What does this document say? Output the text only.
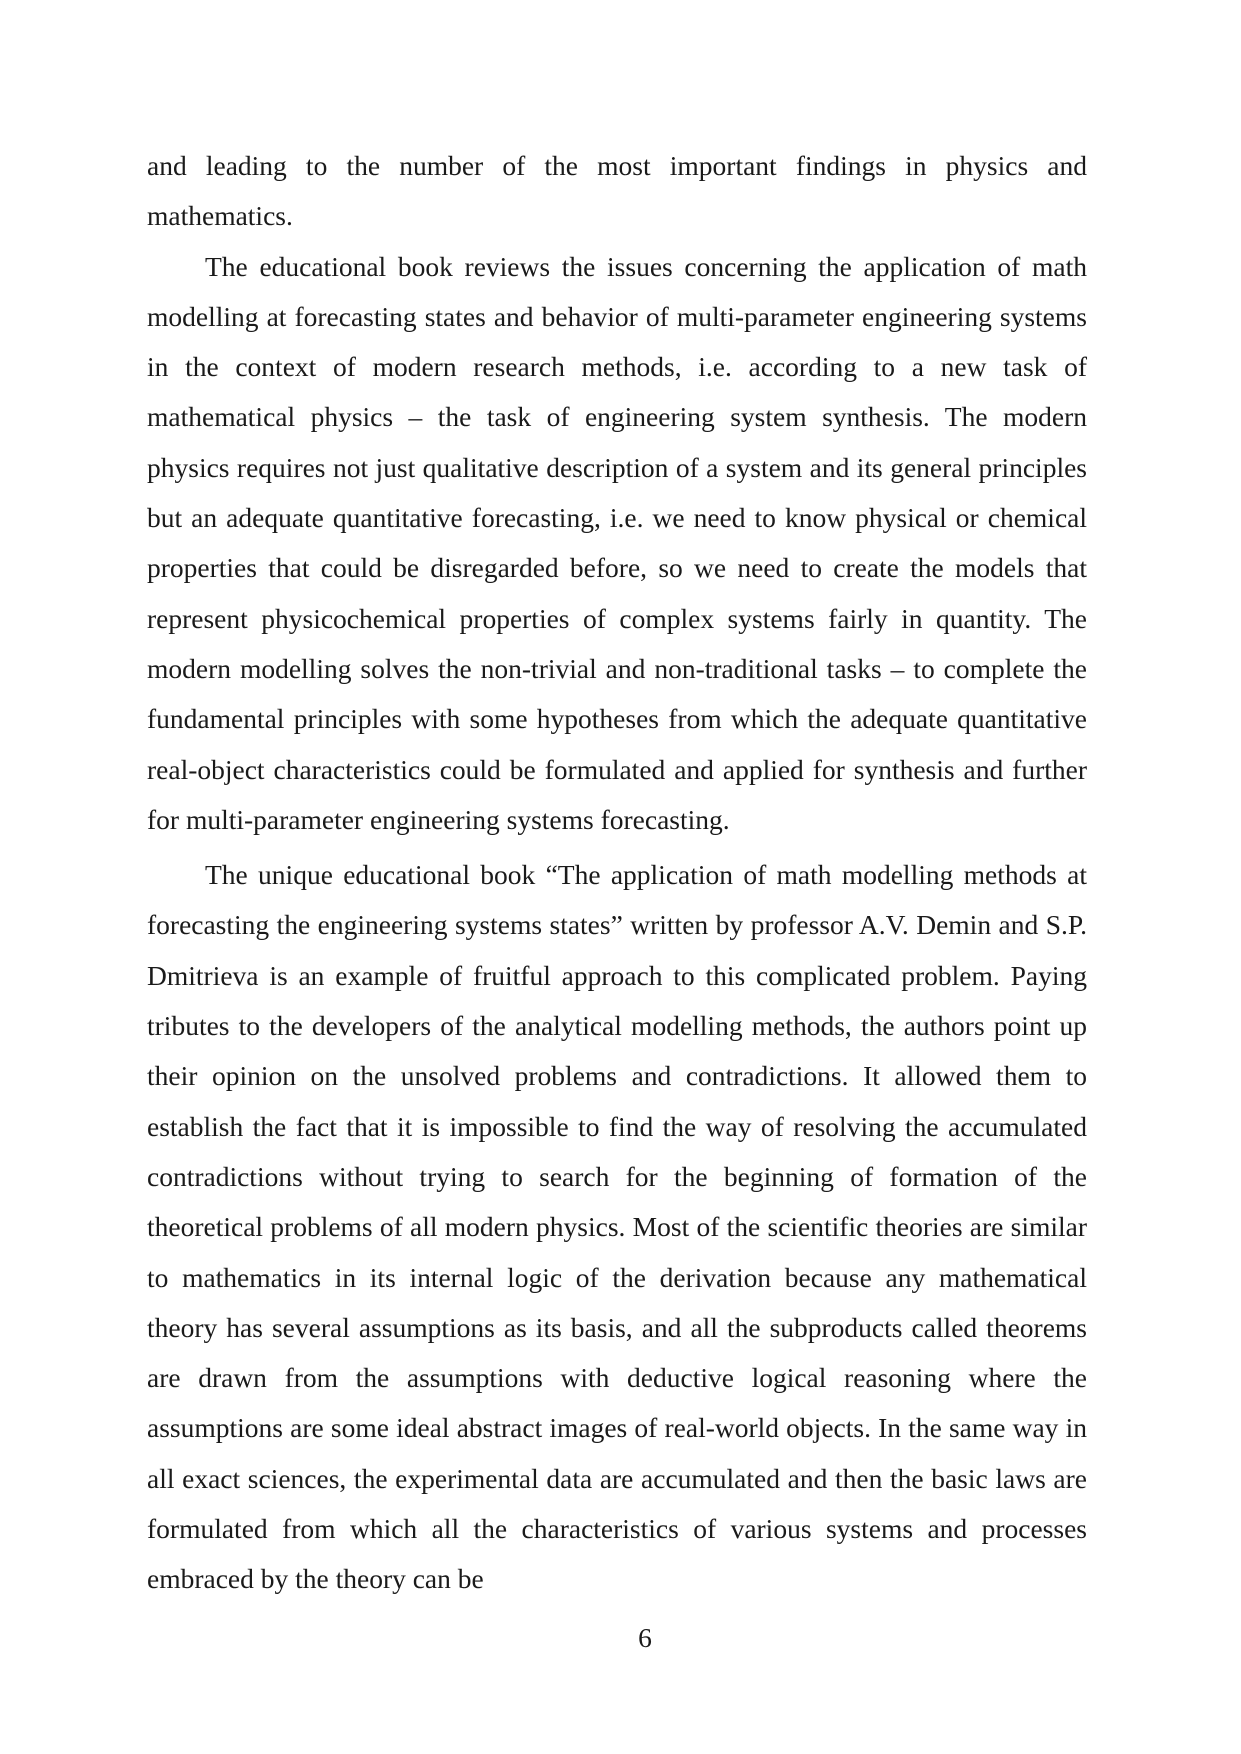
and leading to the number of the most important findings in physics and mathematics.

The educational book reviews the issues concerning the application of math modelling at forecasting states and behavior of multi-parameter engineering systems in the context of modern research methods, i.e. according to a new task of mathematical physics – the task of engineering system synthesis. The modern physics requires not just qualitative description of a system and its general principles but an adequate quantitative forecasting, i.e. we need to know physical or chemical properties that could be disregarded before, so we need to create the models that represent physicochemical properties of complex systems fairly in quantity. The modern modelling solves the non-trivial and non-traditional tasks – to complete the fundamental principles with some hypotheses from which the adequate quantitative real-object characteristics could be formulated and applied for synthesis and further for multi-parameter engineering systems forecasting.

The unique educational book “The application of math modelling methods at forecasting the engineering systems states” written by professor A.V. Demin and S.P. Dmitrieva is an example of fruitful approach to this complicated problem. Paying tributes to the developers of the analytical modelling methods, the authors point up their opinion on the unsolved problems and contradictions. It allowed them to establish the fact that it is impossible to find the way of resolving the accumulated contradictions without trying to search for the beginning of formation of the theoretical problems of all modern physics. Most of the scientific theories are similar to mathematics in its internal logic of the derivation because any mathematical theory has several assumptions as its basis, and all the subproducts called theorems are drawn from the assumptions with deductive logical reasoning where the assumptions are some ideal abstract images of real-world objects. In the same way in all exact sciences, the experimental data are accumulated and then the basic laws are formulated from which all the characteristics of various systems and processes embraced by the theory can be

6
